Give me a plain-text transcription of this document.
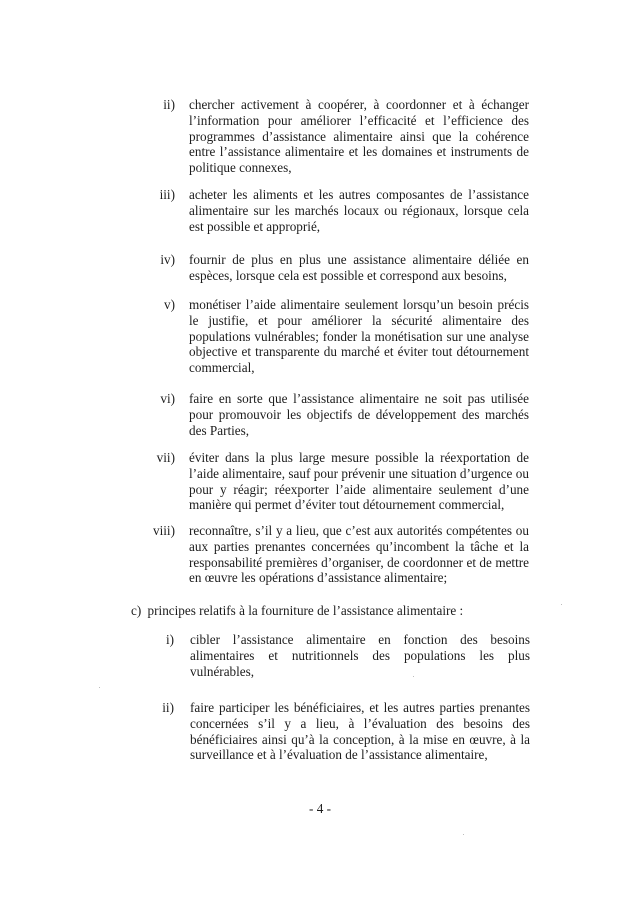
ii) chercher activement à coopérer, à coordonner et à échanger l’information pour améliorer l’efficacité et l’efficience des programmes d’assistance alimentaire ainsi que la cohérence entre l’assistance alimentaire et les domaines et instruments de politique connexes,
iii) acheter les aliments et les autres composantes de l’assistance alimentaire sur les marchés locaux ou régionaux, lorsque cela est possible et approprié,
iv) fournir de plus en plus une assistance alimentaire déliée en espèces, lorsque cela est possible et correspond aux besoins,
v) monétiser l’aide alimentaire seulement lorsqu’un besoin précis le justifie, et pour améliorer la sécurité alimentaire des populations vulnérables; fonder la monétisation sur une analyse objective et transparente du marché et éviter tout détournement commercial,
vi) faire en sorte que l’assistance alimentaire ne soit pas utilisée pour promouvoir les objectifs de développement des marchés des Parties,
vii) éviter dans la plus large mesure possible la réexportation de l’aide alimentaire, sauf pour prévenir une situation d’urgence ou pour y réagir; réexporter l’aide alimentaire seulement d’une manière qui permet d’éviter tout détournement commercial,
viii) reconnaître, s’il y a lieu, que c’est aux autorités compétentes ou aux parties prenantes concernées qu’incombent la tâche et la responsabilité premières d’organiser, de coordonner et de mettre en œuvre les opérations d’assistance alimentaire;
c) principes relatifs à la fourniture de l’assistance alimentaire :
i) cibler l’assistance alimentaire en fonction des besoins alimentaires et nutritionnels des populations les plus vulnérables,
ii) faire participer les bénéficiaires, et les autres parties prenantes concernées s’il y a lieu, à l’évaluation des besoins des bénéficiaires ainsi qu’à la conception, à la mise en œuvre, à la surveillance et à l’évaluation de l’assistance alimentaire,
- 4 -
